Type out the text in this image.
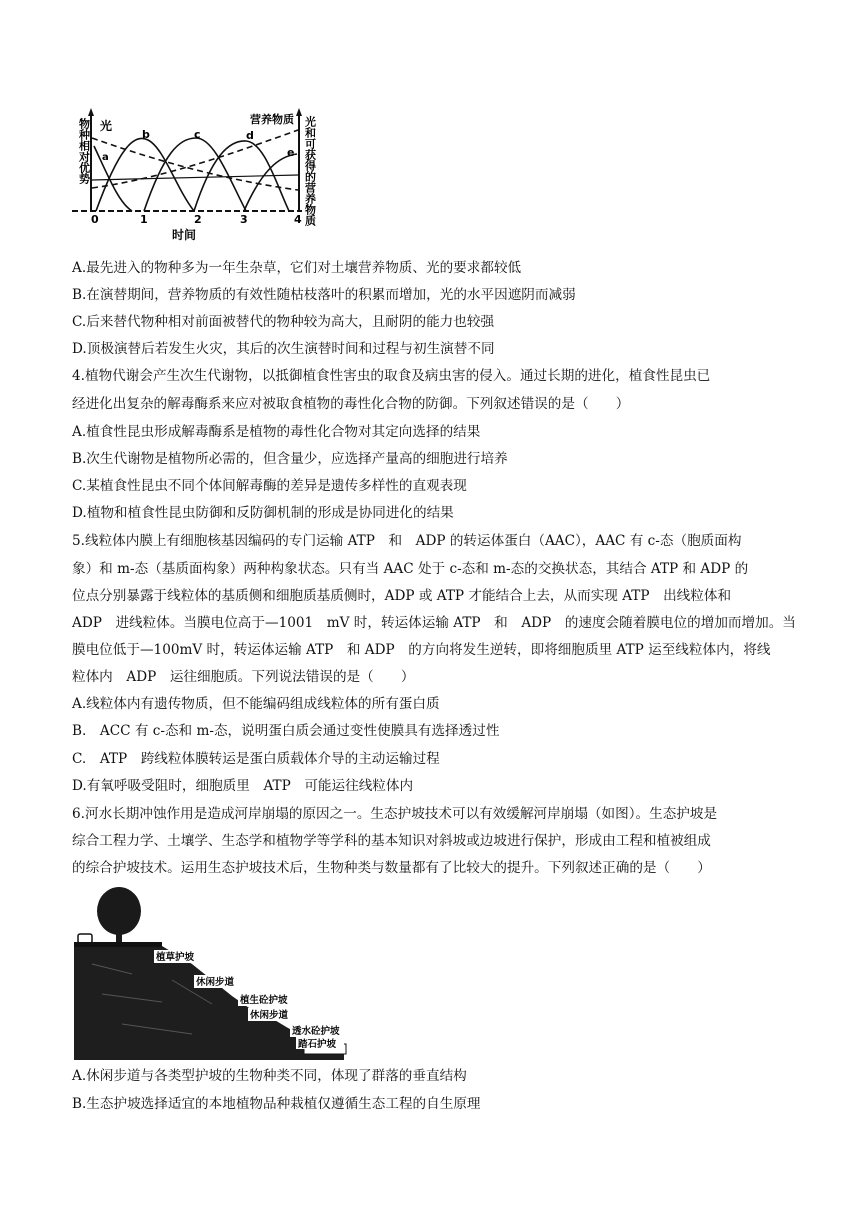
物种相对优势	光和可获得的营养物质
时间
0	1	2	3	4
光	营养物质
a
b	c	d
e
A.最先进入的物种多为一年生杂草，它们对土壤营养物质、光的要求都较低
B.在演替期间，营养物质的有效性随枯枝落叶的积累而增加，光的水平因遮阴而减弱
C.后来替代物种相对前面被替代的物种较为高大，且耐阴的能力也较强
D.顶极演替后若发生火灾，其后的次生演替时间和过程与初生演替不同
4.植物代谢会产生次生代谢物，以抵御植食性害虫的取食及病虫害的侵入。通过长期的进化，植食性昆虫已
经进化出复杂的解毒酶系来应对被取食植物的毒性化合物的防御。下列叙述错误的是（　　）
A.植食性昆虫形成解毒酶系是植物的毒性化合物对其定向选择的结果
B.次生代谢物是植物所必需的，但含量少，应选择产量高的细胞进行培养
C.某植食性昆虫不同个体间解毒酶的差异是遗传多样性的直观表现
D.植物和植食性昆虫防御和反防御机制的形成是协同进化的结果
5.线粒体内膜上有细胞核基因编码的专门运输 ATP　和　ADP 的转运体蛋白（AAC），AAC 有 c-态（胞质面构
象）和 m-态（基质面构象）两种构象状态。只有当 AAC 处于 c-态和 m-态的交换状态，其结合 ATP 和 ADP 的
位点分别暴露于线粒体的基质侧和细胞质基质侧时，ADP 或 ATP 才能结合上去，从而实现 ATP　出线粒体和
ADP　进线粒体。当膜电位高于—1001　mV 时，转运体运输 ATP　和　ADP　的速度会随着膜电位的增加而增加。当
膜电位低于—100mV 时，转运体运输 ATP　和 ADP　的方向将发生逆转，即将细胞质里 ATP 运至线粒体内，将线
粒体内　ADP　运往细胞质。下列说法错误的是（　　）
A.线粒体内有遗传物质，但不能编码组成线粒体的所有蛋白质
B.　ACC 有 c-态和 m-态，说明蛋白质会通过变性使膜具有选择透过性
C.　ATP　跨线粒体膜转运是蛋白质载体介导的主动运输过程
D.有氧呼吸受阻时，细胞质里　ATP　可能运往线粒体内
6.河水长期冲蚀作用是造成河岸崩塌的原因之一。生态护坡技术可以有效缓解河岸崩塌（如图）。生态护坡是
综合工程力学、土壤学、生态学和植物学等学科的基本知识对斜坡或边坡进行保护，形成由工程和植被组成
的综合护坡技术。运用生态护坡技术后，生物种类与数量都有了比较大的提升。下列叙述正确的是（　　）
植草护坡
休闲步道
植生砼护坡
休闲步道
透水砼护坡
踏石护坡
A.休闲步道与各类型护坡的生物种类不同，体现了群落的垂直结构
B.生态护坡选择适宜的本地植物品种栽植仅遵循生态工程的自生原理
